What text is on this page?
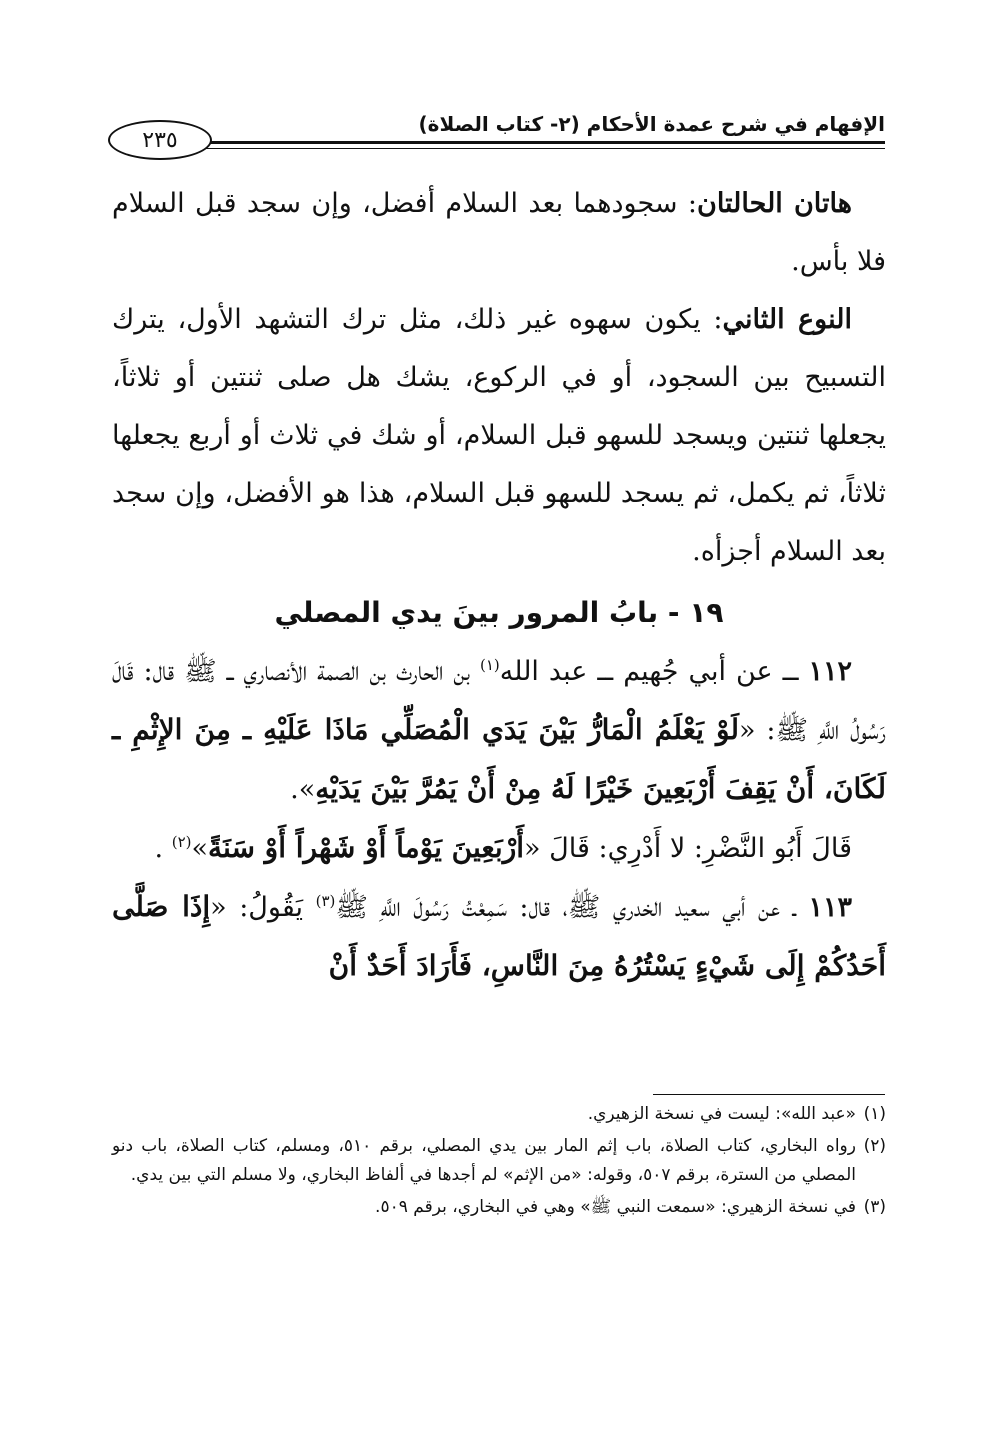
الإفهام في شرح عمدة الأحكام (٢- كتاب الصلاة)
٢٣٥

هاتان الحالتان: سجودهما بعد السلام أفضل، وإن سجد قبل السلام فلا بأس.

النوع الثاني: يكون سهوه غير ذلك، مثل ترك التشهد الأول، يترك التسبيح بين السجود، أو في الركوع، يشك هل صلى ثنتين أو ثلاثاً، يجعلها ثنتين ويسجد للسهو قبل السلام، أو شك في ثلاث أو أربع يجعلها ثلاثاً، ثم يكمل، ثم يسجد للسهو قبل السلام، هذا هو الأفضل، وإن سجد بعد السلام أجزأه.

١٩ - بابُ المرور بينَ يدي المصلي

١١٢ ــ عن أبي جُهيم ــ عبد الله$^{(١)}$ بن الحارث بن الصمة الأنصاري ــ ﷺ قال: قَالَ رَسُولُ اللَّهِ ﷺ: «لَوْ يَعْلَمُ الْمَارُّ بَيْنَ يَدَي الْمُصَلِّي مَاذَا عَلَيْهِ ـ مِنَ الإِثْمِ ـ لَكَانَ، أَنْ يَقِفَ أَرْبَعِينَ خَيْرًا لَهُ مِنْ أَنْ يَمُرَّ بَيْنَ يَدَيْهِ».

قَالَ أَبُو النَّضْرِ: لا أَدْرِي: قَالَ «أَرْبَعِينَ يَوْماً أَوْ شَهْراً أَوْ سَنَةً»$^{(٢)}$ .

١١٣ ـ عن أبي سعيد الخدري ﷺ، قال: سَمِعْتُ رَسُولَ اللَّهِ ﷺ$^{(٣)}$ يَقُولُ: «إِذَا صَلَّى أَحَدُكُمْ إِلَى شَيْءٍ يَسْتُرُهُ مِنَ النَّاسِ، فَأَرَادَ أَحَدٌ أَنْ

(١)
«عبد الله»: ليست في نسخة الزهيري.

(٢)
رواه البخاري، كتاب الصلاة، باب إثم المار بين يدي المصلي، برقم ٥١٠، ومسلم، كتاب الصلاة، باب دنو المصلي من السترة، برقم ٥٠٧، وقوله: «من الإثم» لم أجدها في ألفاظ البخاري، ولا مسلم التي بين يدي.

(٣)
في نسخة الزهيري: «سمعت النبي ﷺ» وهي في البخاري، برقم ٥٠٩.
